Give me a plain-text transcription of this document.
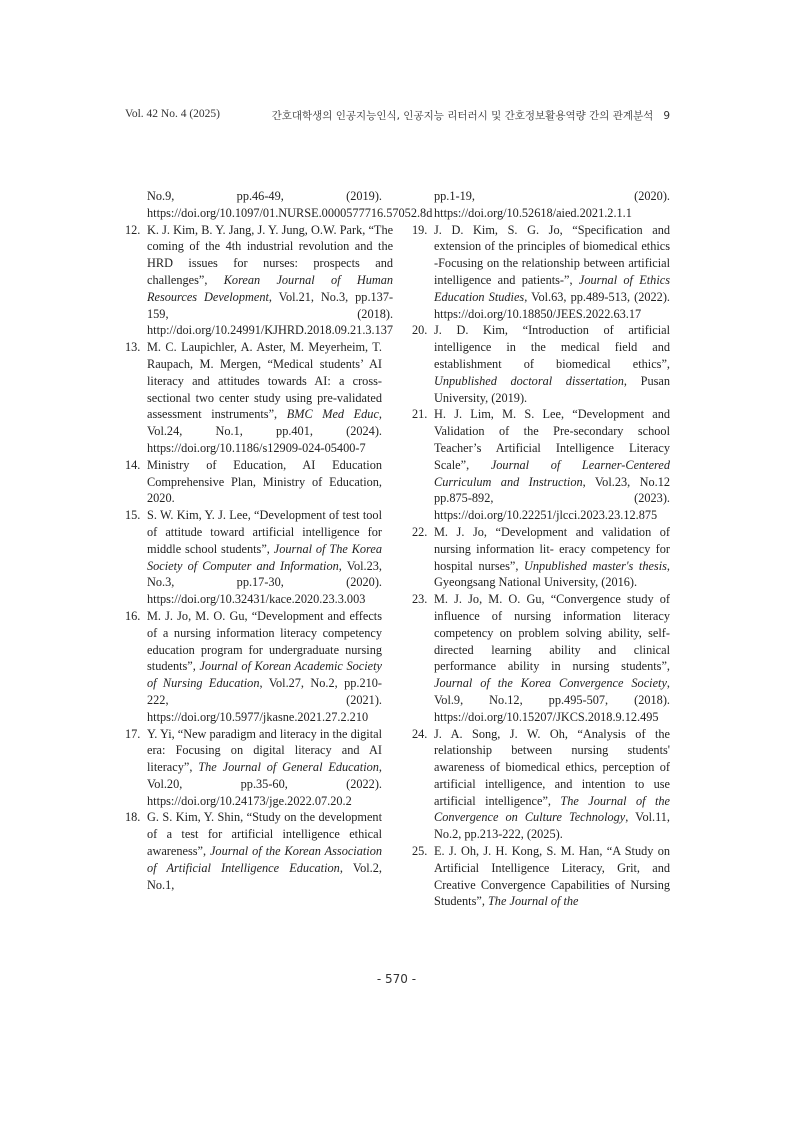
Vol. 42 No. 4 (2025)	간호대학생의 인공지능인식, 인공지능 리터러시 및 간호정보활용역량 간의 관계분석 9
No.9, pp.46-49, (2019). https://doi.org/10.1097/01.NURSE.0000577716.57052.8d
12. K. J. Kim, B. Y. Jang, J. Y. Jung, O.W. Park, “The coming of the 4th industrial revolution and the HRD issues for nurses: prospects and challenges”, Korean Journal of Human Resources Development, Vol.21, No.3, pp.137-159, (2018). http://doi.org/10.24991/KJHRD.2018.09.21.3.137
13. M. C. Laupichler, A. Aster, M. Meyerheim, T. Raupach, M. Mergen, “Medical students’ AI literacy and attitudes towards AI: a cross-sectional two center study using pre-validated assessment instruments”, BMC Med Educ, Vol.24, No.1, pp.401, (2024). https://doi.org/10.1186/s12909-024-05400-7
14. Ministry of Education, AI Education Comprehensive Plan, Ministry of Education, 2020.
15. S. W. Kim, Y. J. Lee, “Development of test tool of attitude toward artificial intelligence for middle school students”, Journal of The Korea Society of Computer and Information, Vol.23, No.3, pp.17-30, (2020). https://doi.org/10.32431/kace.2020.23.3.003
16. M. J. Jo, M. O. Gu, “Development and effects of a nursing information literacy competency education program for undergraduate nursing students”, Journal of Korean Academic Society of Nursing Education, Vol.27, No.2, pp.210-222, (2021). https://doi.org/10.5977/jkasne.2021.27.2.210
17. Y. Yi, “New paradigm and literacy in the digital era: Focusing on digital literacy and AI literacy”, The Journal of General Education, Vol.20, pp.35-60, (2022). https://doi.org/10.24173/jge.2022.07.20.2
18. G. S. Kim, Y. Shin, “Study on the development of a test for artificial intelligence ethical awareness”, Journal of the Korean Association of Artificial Intelligence Education, Vol.2, No.1,
pp.1-19, (2020). https://doi.org/10.52618/aied.2021.2.1.1
19. J. D. Kim, S. G. Jo, “Specification and extension of the principles of biomedical ethics -Focusing on the relationship between artificial intelligence and patients-”, Journal of Ethics Education Studies, Vol.63, pp.489-513, (2022). https://doi.org/10.18850/JEES.2022.63.17
20. J. D. Kim, “Introduction of artificial intelligence in the medical field and establishment of biomedical ethics”, Unpublished doctoral dissertation, Pusan University, (2019).
21. H. J. Lim, M. S. Lee, “Development and Validation of the Pre-secondary school Teacher’s Artificial Intelligence Literacy Scale”, Journal of Learner-Centered Curriculum and Instruction, Vol.23, No.12 pp.875-892, (2023). https://doi.org/10.22251/jlcci.2023.23.12.875
22. M. J. Jo, “Development and validation of nursing information lit- eracy competency for hospital nurses”, Unpublished master's thesis, Gyeongsang National University, (2016).
23. M. J. Jo, M. O. Gu, “Convergence study of influence of nursing information literacy competency on problem solving ability, self-directed learning ability and clinical performance ability in nursing students”, Journal of the Korea Convergence Society, Vol.9, No.12, pp.495-507, (2018). https://doi.org/10.15207/JKCS.2018.9.12.495
24. J. A. Song, J. W. Oh, “Analysis of the relationship between nursing students' awareness of biomedical ethics, perception of artificial intelligence, and intention to use artificial intelligence”, The Journal of the Convergence on Culture Technology, Vol.11, No.2, pp.213-222, (2025).
25. E. J. Oh, J. H. Kong, S. M. Han, “A Study on Artificial Intelligence Literacy, Grit, and Creative Convergence Capabilities of Nursing Students”, The Journal of the
- 570 -
